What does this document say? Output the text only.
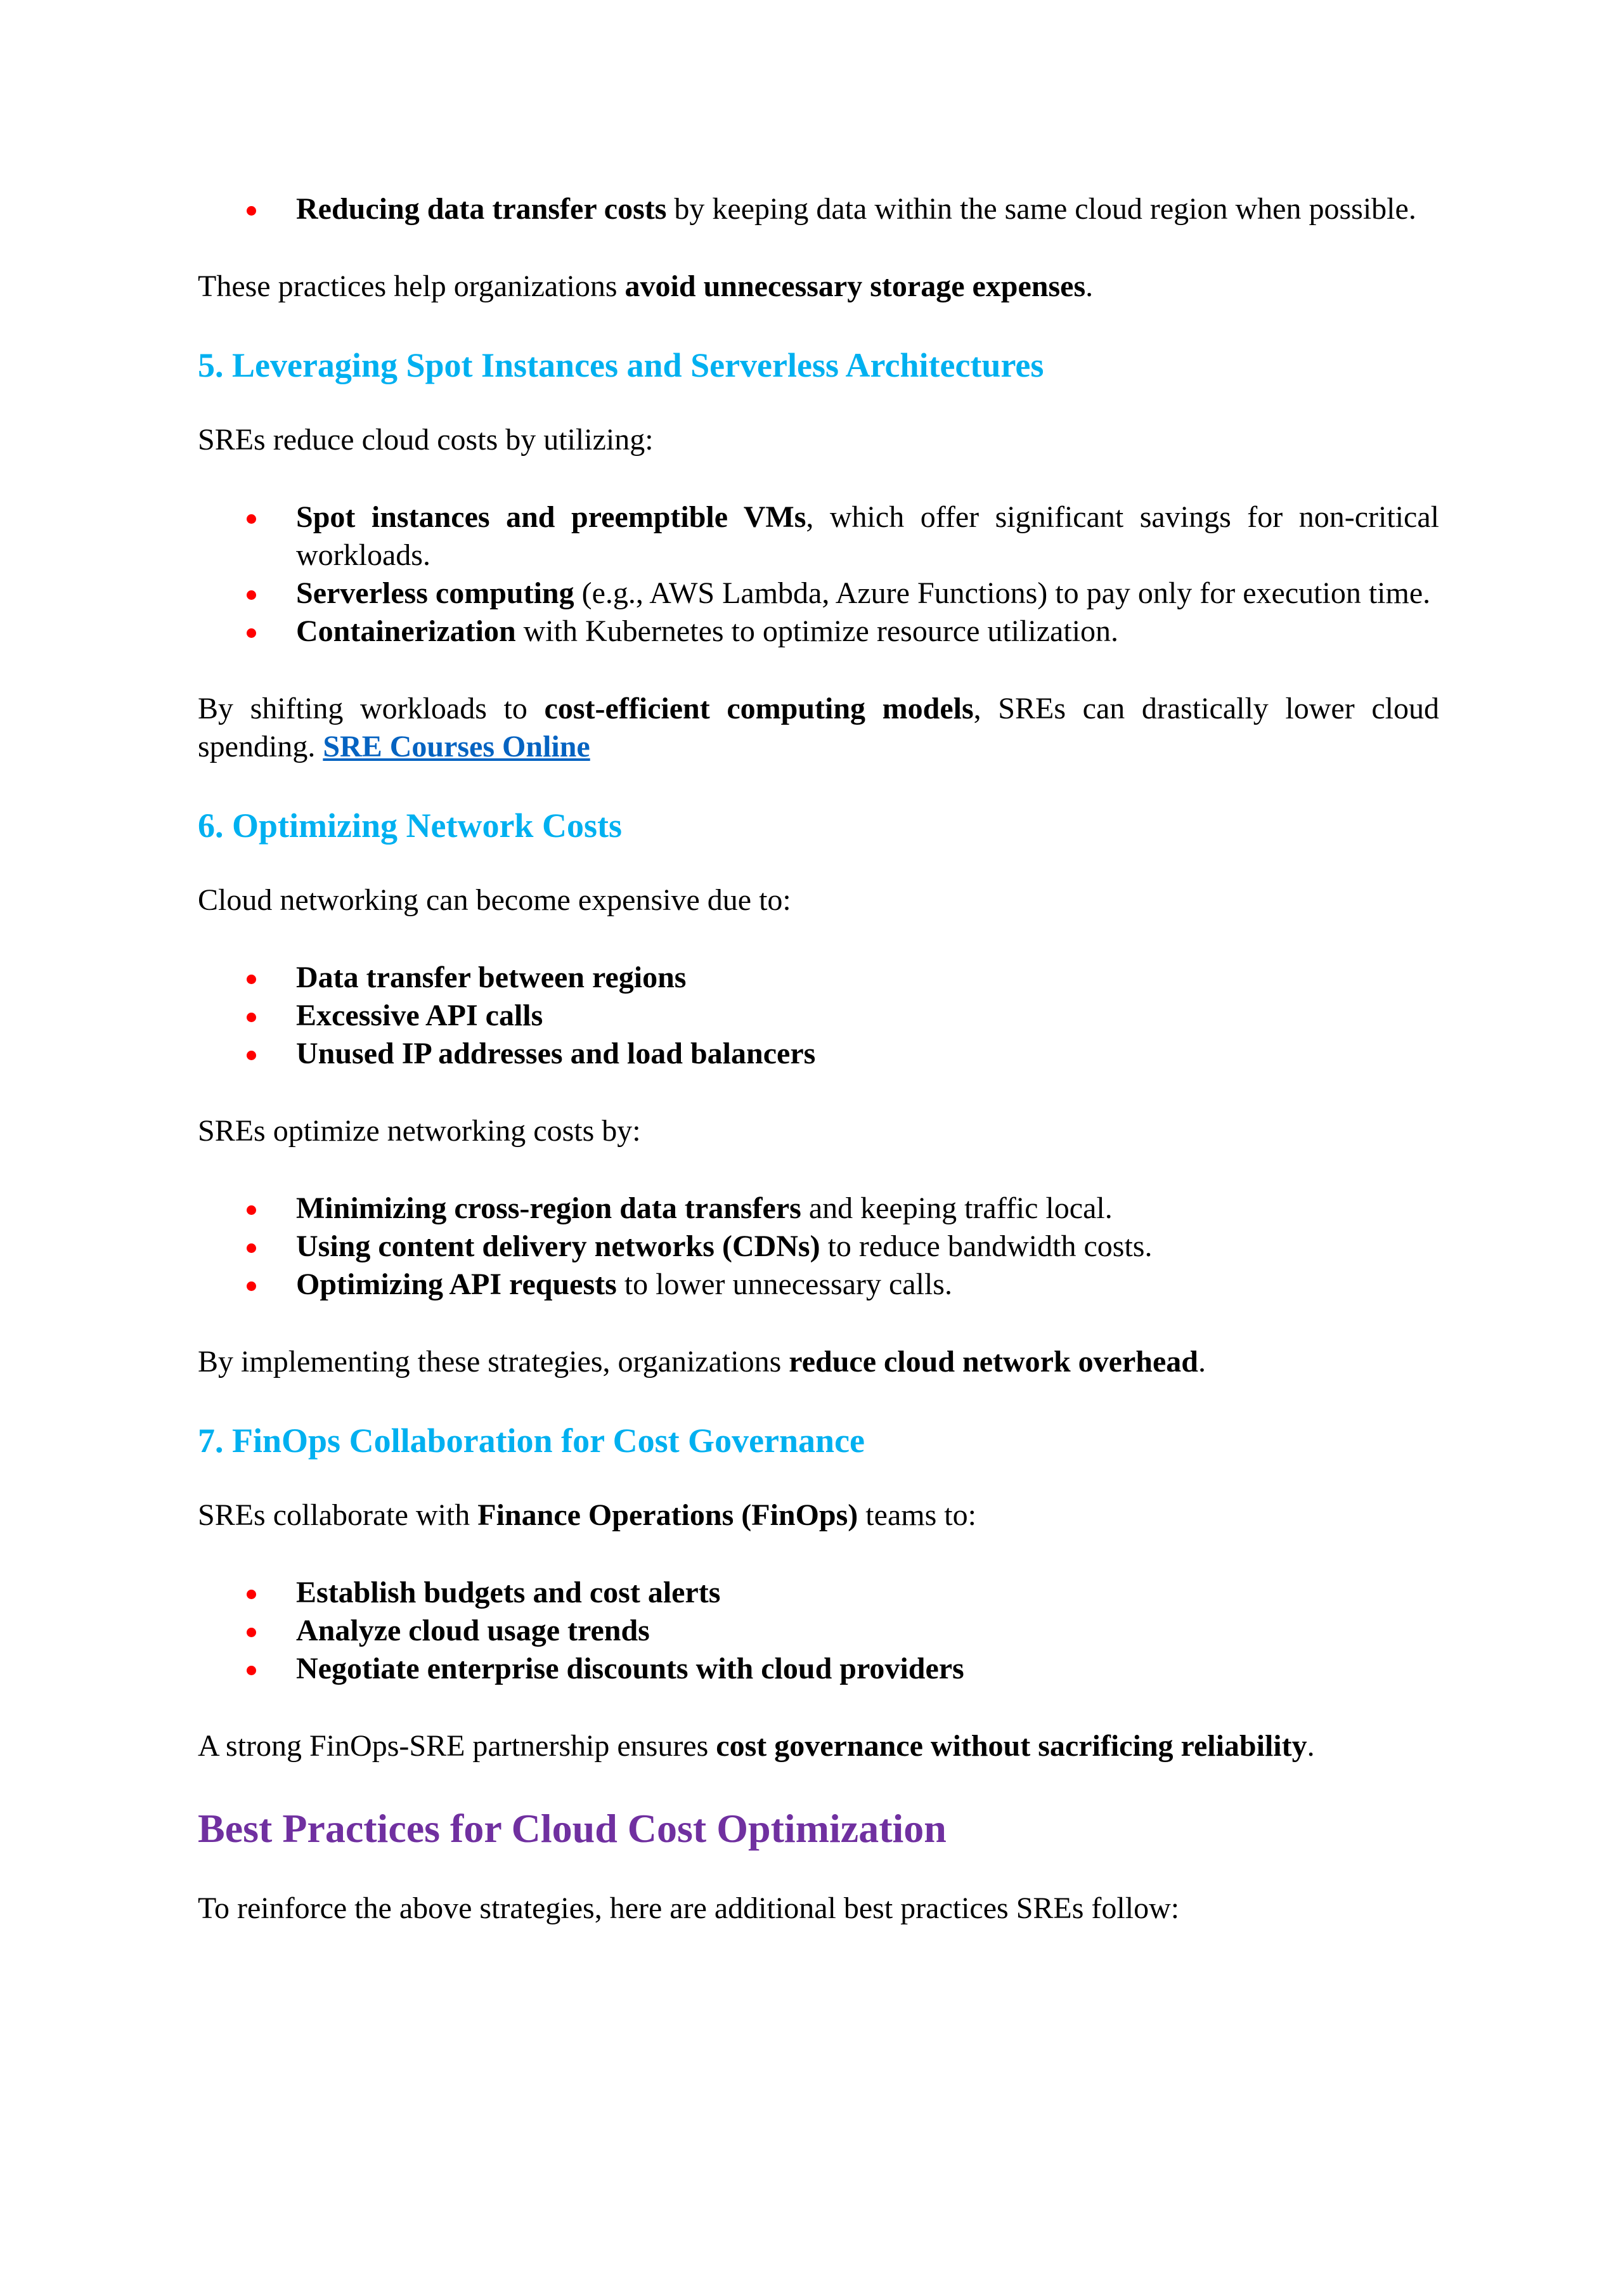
Reducing data transfer costs by keeping data within the same cloud region when possible.

These practices help organizations avoid unnecessary storage expenses.

5. Leveraging Spot Instances and Serverless Architectures

SREs reduce cloud costs by utilizing:

Spot instances and preemptible VMs, which offer significant savings for non-critical workloads.
Serverless computing (e.g., AWS Lambda, Azure Functions) to pay only for execution time.
Containerization with Kubernetes to optimize resource utilization.

By shifting workloads to cost-efficient computing models, SREs can drastically lower cloud spending. SRE Courses Online

6. Optimizing Network Costs

Cloud networking can become expensive due to:

Data transfer between regions
Excessive API calls
Unused IP addresses and load balancers

SREs optimize networking costs by:

Minimizing cross-region data transfers and keeping traffic local.
Using content delivery networks (CDNs) to reduce bandwidth costs.
Optimizing API requests to lower unnecessary calls.

By implementing these strategies, organizations reduce cloud network overhead.

7. FinOps Collaboration for Cost Governance

SREs collaborate with Finance Operations (FinOps) teams to:

Establish budgets and cost alerts
Analyze cloud usage trends
Negotiate enterprise discounts with cloud providers

A strong FinOps-SRE partnership ensures cost governance without sacrificing reliability.

Best Practices for Cloud Cost Optimization

To reinforce the above strategies, here are additional best practices SREs follow:
